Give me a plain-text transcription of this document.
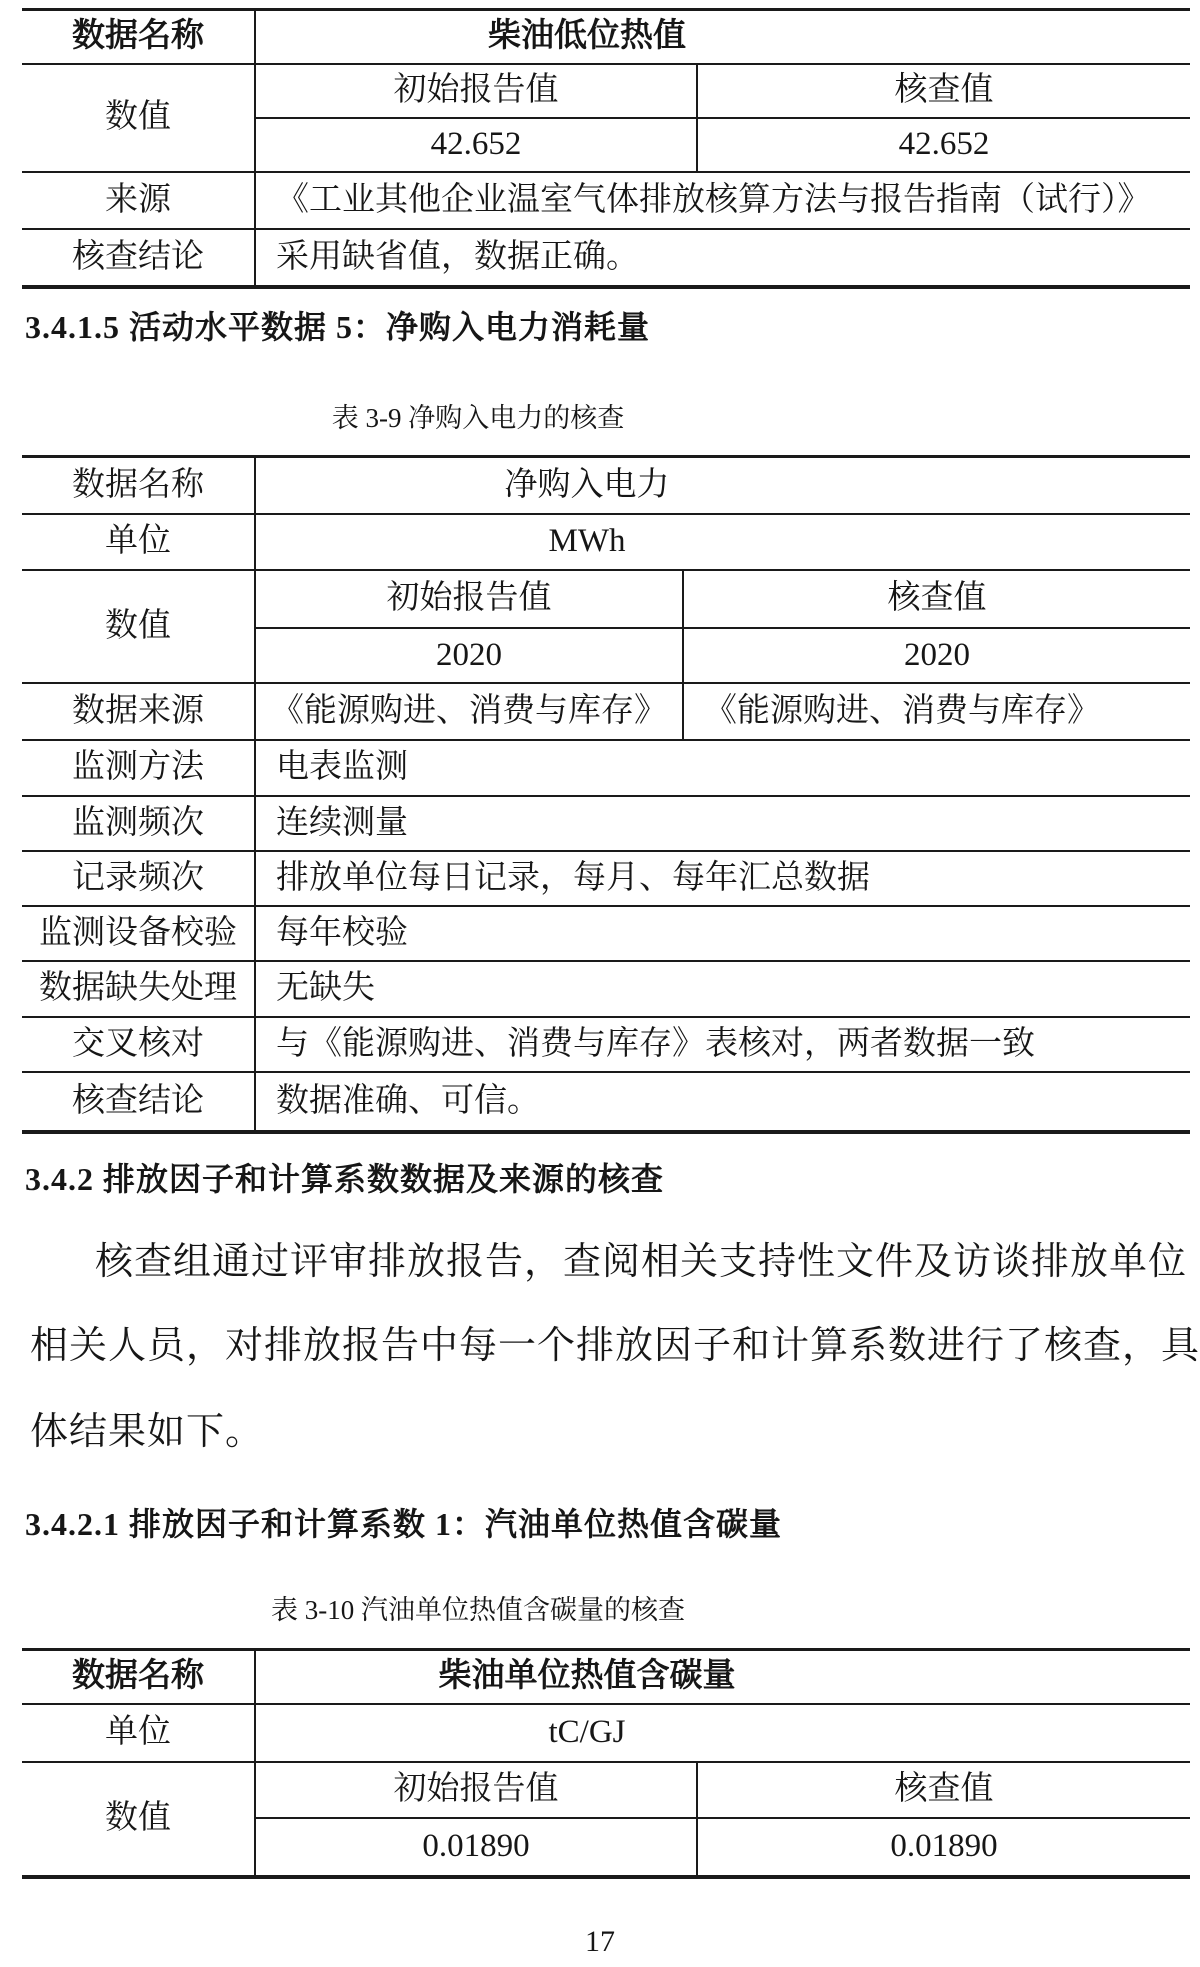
数据名称	柴油低位热值
数值
初始报告值	核查值
42.652	42.652
来源	《工业其他企业温室气体排放核算方法与报告指南（试行）》
核查结论	采用缺省值，数据正确。
3.4.1.5 活动水平数据 5：净购入电力消耗量
表 3-9 净购入电力的核查
数据名称	净购入电力
单位	MWh
数值
初始报告值	核查值
2020	2020
数据来源	《能源购进、消费与库存》	《能源购进、消费与库存》
监测方法	电表监测
监测频次	连续测量
记录频次	排放单位每日记录，每月、每年汇总数据
监测设备校验	每年校验
数据缺失处理	无缺失
交叉核对	与《能源购进、消费与库存》表核对，两者数据一致
核查结论	数据准确、可信。
3.4.2 排放因子和计算系数数据及来源的核查
核查组通过评审排放报告，查阅相关支持性文件及访谈排放单位
相关人员，对排放报告中每一个排放因子和计算系数进行了核查，具
体结果如下。
3.4.2.1 排放因子和计算系数 1：汽油单位热值含碳量
表 3-10 汽油单位热值含碳量的核查
数据名称	柴油单位热值含碳量
单位	tC/GJ
数值
初始报告值	核查值
0.01890	0.01890
17
